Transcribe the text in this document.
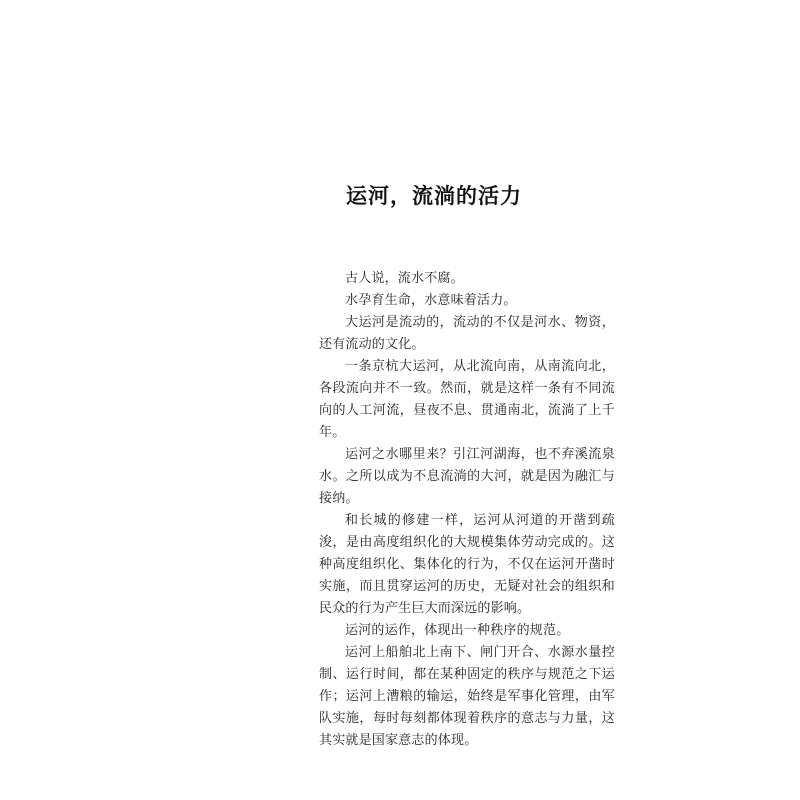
运河，流淌的活力

古人说，流水不腐。

水孕育生命，水意味着活力。

大运河是流动的，流动的不仅是河水、物资，还有流动的文化。

一条京杭大运河，从北流向南，从南流向北，各段流向并不一致。然而，就是这样一条有不同流向的人工河流，昼夜不息、贯通南北，流淌了上千年。

运河之水哪里来？引江河湖海，也不弃溪流泉水。之所以成为不息流淌的大河，就是因为融汇与接纳。

和长城的修建一样，运河从河道的开凿到疏浚，是由高度组织化的大规模集体劳动完成的。这种高度组织化、集体化的行为，不仅在运河开凿时实施，而且贯穿运河的历史，无疑对社会的组织和民众的行为产生巨大而深远的影响。

运河的运作，体现出一种秩序的规范。

运河上船舶北上南下、闸门开合、水源水量控制、运行时间，都在某种固定的秩序与规范之下运作；运河上漕粮的输运，始终是军事化管理，由军队实施，每时每刻都体现着秩序的意志与力量，这其实就是国家意志的体现。
